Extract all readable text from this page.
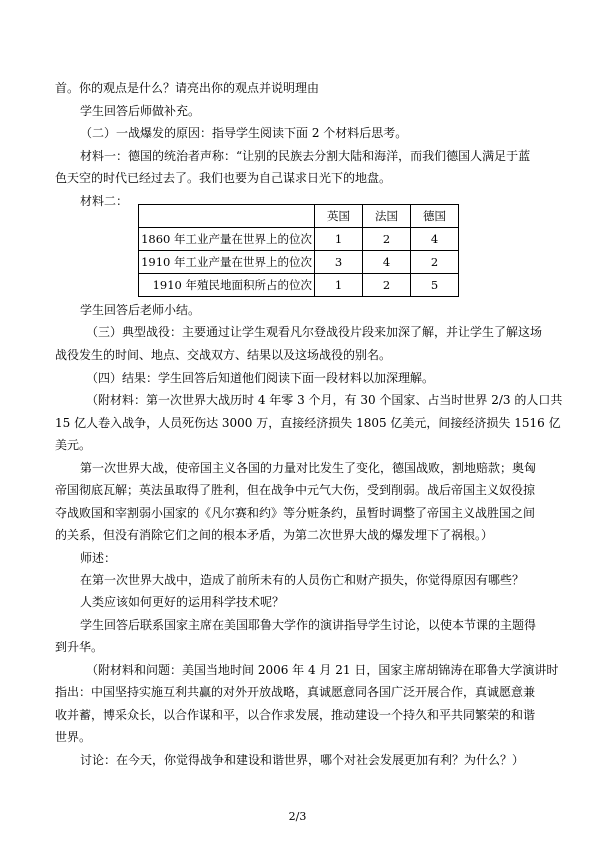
首。你的观点是什么？请亮出你的观点并说明理由
学生回答后师做补充。
（二）一战爆发的原因：指导学生阅读下面 2 个材料后思考。
材料一：德国的统治者声称：“让别的民族去分割大陆和海洋，而我们德国人满足于蓝
色天空的时代已经过去了。我们也要为自己谋求日光下的地盘。
材料二：
	英国	法国	德国
1860 年工业产量在世界上的位次	1	2	4
1910 年工业产量在世界上的位次	3	4	2
1910 年殖民地面积所占的位次	1	2	5
学生回答后老师小结。
（三）典型战役：主要通过让学生观看凡尔登战役片段来加深了解，并让学生了解这场
战役发生的时间、地点、交战双方、结果以及这场战役的别名。
（四）结果：学生回答后知道他们阅读下面一段材料以加深理解。
（附材料：第一次世界大战历时 4 年零 3 个月，有 30 个国家、占当时世界 2/3 的人口共
15 亿人卷入战争，人员死伤达 3000 万，直接经济损失 1805 亿美元，间接经济损失 1516 亿
美元。
第一次世界大战，使帝国主义各国的力量对比发生了变化，德国战败，割地赔款；奥匈
帝国彻底瓦解；英法虽取得了胜利，但在战争中元气大伤，受到削弱。战后帝国主义奴役掠
夺战败国和宰割弱小国家的《凡尔赛和约》等分赃条约，虽暂时调整了帝国主义战胜国之间
的关系，但没有消除它们之间的根本矛盾，为第二次世界大战的爆发埋下了祸根。）
师述：
在第一次世界大战中，造成了前所未有的人员伤亡和财产损失，你觉得原因有哪些？
人类应该如何更好的运用科学技术呢？
学生回答后联系国家主席在美国耶鲁大学作的演讲指导学生讨论，以使本节课的主题得
到升华。
（附材料和问题：美国当地时间 2006 年 4 月 21 日，国家主席胡锦涛在耶鲁大学演讲时
指出：中国坚持实施互利共赢的对外开放战略，真诚愿意同各国广泛开展合作，真诚愿意兼
收并蓄，博采众长，以合作谋和平，以合作求发展，推动建设一个持久和平共同繁荣的和谐
世界。
讨论：在今天，你觉得战争和建设和谐世界，哪个对社会发展更加有利？为什么？）
2/3
